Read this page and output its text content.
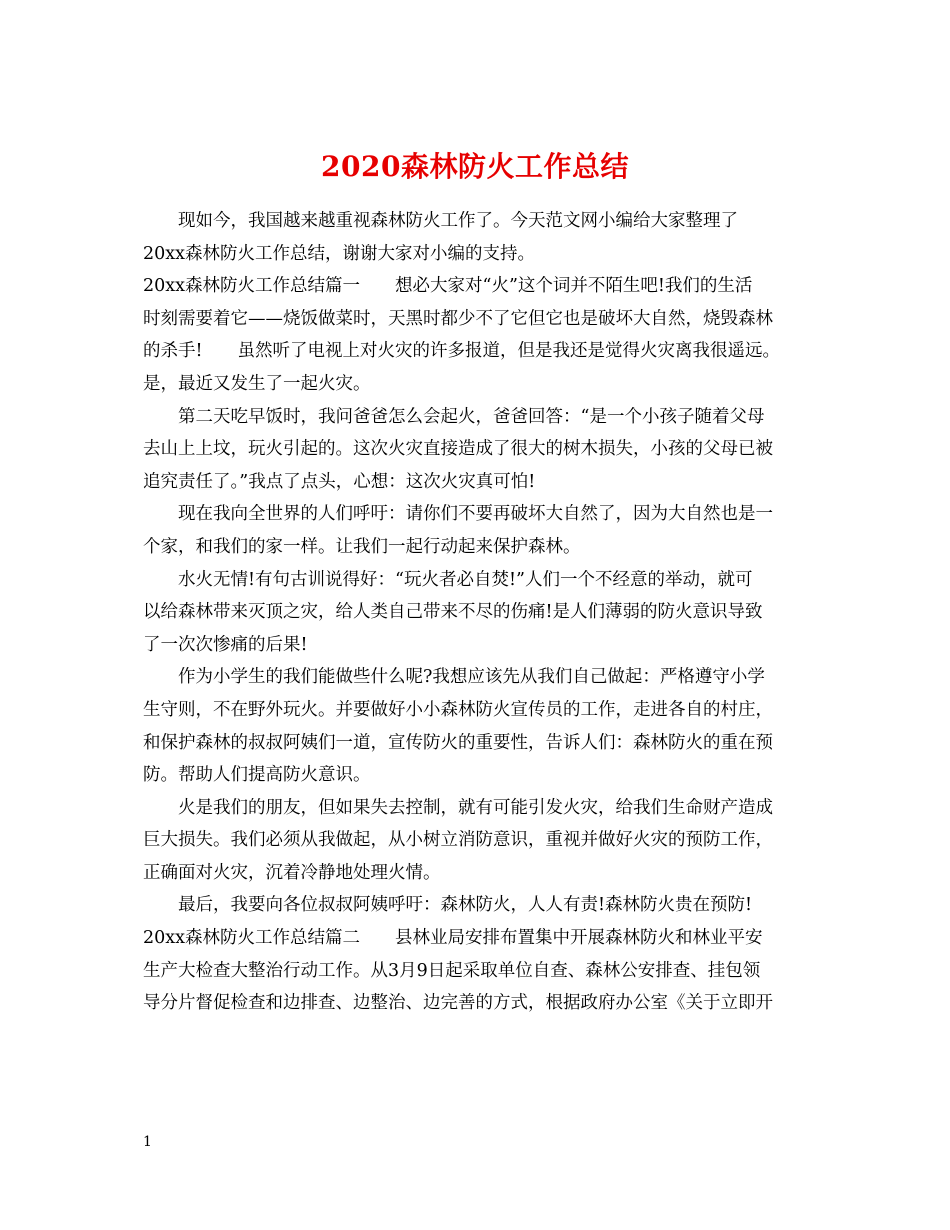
2020森林防火工作总结

现如今，我国越来越重视森林防火工作了。今天范文网小编给大家整理了

20xx森林防火工作总结，谢谢大家对小编的支持。

20xx森林防火工作总结篇一　　想必大家对“火”这个词并不陌生吧!我们的生活

时刻需要着它——烧饭做菜时，天黑时都少不了它但它也是破坏大自然，烧毁森林

的杀手!　　虽然听了电视上对火灾的许多报道，但是我还是觉得火灾离我很遥远。

是，最近又发生了一起火灾。

第二天吃早饭时，我问爸爸怎么会起火，爸爸回答：“是一个小孩子随着父母

去山上上坟，玩火引起的。这次火灾直接造成了很大的树木损失，小孩的父母已被

追究责任了。”我点了点头，心想：这次火灾真可怕!

现在我向全世界的人们呼吁：请你们不要再破坏大自然了，因为大自然也是一

个家，和我们的家一样。让我们一起行动起来保护森林。

水火无情!有句古训说得好：“玩火者必自焚!”人们一个不经意的举动，就可

以给森林带来灭顶之灾，给人类自己带来不尽的伤痛!是人们薄弱的防火意识导致

了一次次惨痛的后果!

作为小学生的我们能做些什么呢?我想应该先从我们自己做起：严格遵守小学

生守则，不在野外玩火。并要做好小小森林防火宣传员的工作，走进各自的村庄，

和保护森林的叔叔阿姨们一道，宣传防火的重要性，告诉人们：森林防火的重在预

防。帮助人们提高防火意识。

火是我们的朋友，但如果失去控制，就有可能引发火灾，给我们生命财产造成

巨大损失。我们必须从我做起，从小树立消防意识，重视并做好火灾的预防工作，

正确面对火灾，沉着冷静地处理火情。

最后，我要向各位叔叔阿姨呼吁：森林防火，人人有责!森林防火贵在预防!

20xx森林防火工作总结篇二　　县林业局安排布置集中开展森林防火和林业平安

生产大检查大整治行动工作。从3月9日起采取单位自查、森林公安排查、挂包领

导分片督促检查和边排查、边整治、边完善的方式，根据政府办公室《关于立即开

1
